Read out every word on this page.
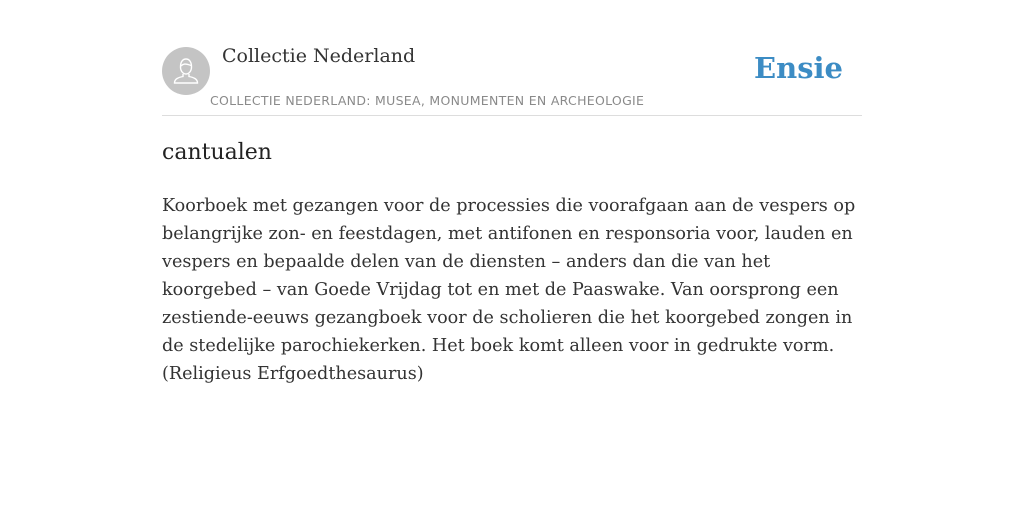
Collectie Nederland
COLLECTIE NEDERLAND: MUSEA, MONUMENTEN EN ARCHEOLOGIE
Ensie
cantualen
Koorboek met gezangen voor de processies die voorafgaan aan de vespers op belangrijke zon- en feestdagen, met antifonen en responsoria voor, lauden en vespers en bepaalde delen van de diensten – anders dan die van het koorgebed – van Goede Vrijdag tot en met de Paaswake. Van oorsprong een zestiende-eeuws gezangboek voor de scholieren die het koorgebed zongen in de stedelijke parochiekerken. Het boek komt alleen voor in gedrukte vorm. (Religieus Erfgoedthesaurus)
